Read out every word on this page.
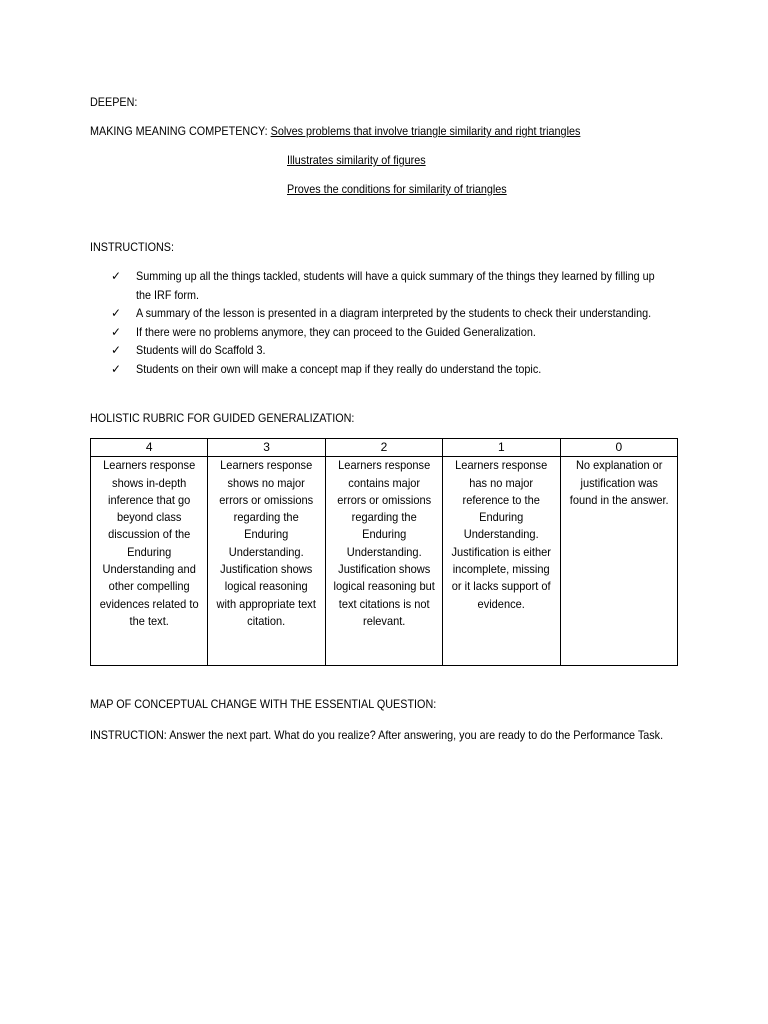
DEEPEN:
MAKING MEANING COMPETENCY: Solves problems that involve triangle similarity and right triangles
Illustrates similarity of figures
Proves the conditions for similarity of triangles
INSTRUCTIONS:
✓ Summing up all the things tackled, students will have a quick summary of the things they learned by filling up the IRF form.
✓ A summary of the lesson is presented in a diagram interpreted by the students to check their understanding.
✓ If there were no problems anymore, they can proceed to the Guided Generalization.
✓ Students will do Scaffold 3.
✓ Students on their own will make a concept map if they really do understand the topic.
HOLISTIC RUBRIC FOR GUIDED GENERALIZATION:
4	3	2	1	0

Learners response shows in-depth inference that go beyond class discussion of the Enduring Understanding and other compelling evidences related to the text.	Learners response shows no major errors or omissions regarding the Enduring Understanding. Justification shows logical reasoning with appropriate text citation.	Learners response contains major errors or omissions regarding the Enduring Understanding. Justification shows logical reasoning but text citations is not relevant.	Learners response has no major reference to the Enduring Understanding. Justification is either incomplete, missing or it lacks support of evidence.	No explanation or justification was found in the answer.
MAP OF CONCEPTUAL CHANGE WITH THE ESSENTIAL QUESTION:
INSTRUCTION: Answer the next part. What do you realize? After answering, you are ready to do the Performance Task.
